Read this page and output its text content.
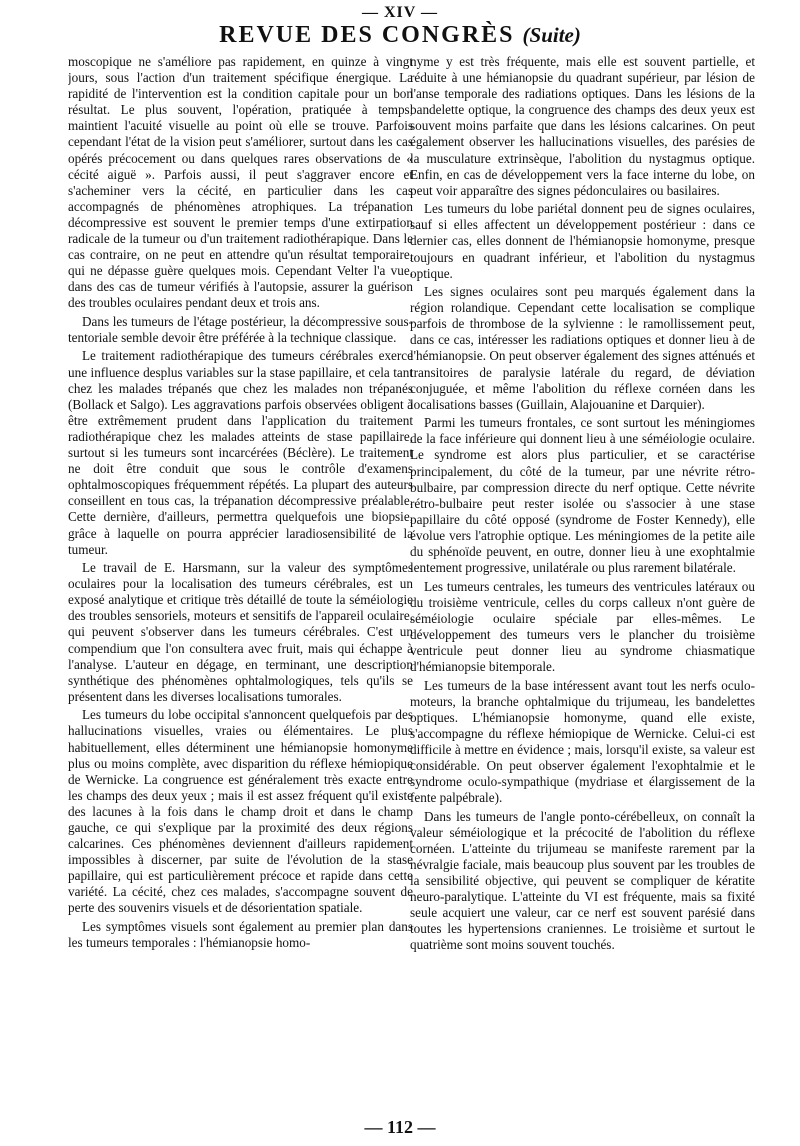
— XIV —
REVUE DES CONGRÈS (Suite)

moscopique ne s'améliore pas rapidement, en quinze à vingt jours, sous l'action d'un traitement spécifique énergique. La rapidité de l'intervention est la condition capitale pour un bon résultat. Le plus souvent, l'opération, pratiquée à temps, maintient l'acuité visuelle au point où elle se trouve. Parfois cependant l'état de la vision peut s'améliorer, surtout dans les cas opérés précocement ou dans quelques rares observations de « cécité aiguë ». Parfois aussi, il peut s'aggraver encore et s'acheminer vers la cécité, en particulier dans les cas accompagnés de phénomènes atrophiques. La trépanation décompressive est souvent le premier temps d'une extirpation radicale de la tumeur ou d'un traitement radiothérapique. Dans le cas contraire, on ne peut en attendre qu'un résultat temporaire, qui ne dépasse guère quelques mois. Cependant Velter l'a vue, dans des cas de tumeur vérifiés à l'autopsie, assurer la guérison des troubles oculaires pendant deux et trois ans.

Dans les tumeurs de l'étage postérieur, la décompressive sous-tentoriale semble devoir être préférée à la technique classique.

Le traitement radiothérapique des tumeurs cérébrales exerce une influence desplus variables sur la stase papillaire, et cela tant chez les malades trépanés que chez les malades non trépanés (Bollack et Salgo). Les aggravations parfois observées obligent à être extrêmement prudent dans l'application du traitement radiothérapique chez les malades atteints de stase papillaire, surtout si les tumeurs sont incarcérées (Béclère). Le traitement ne doit être conduit que sous le contrôle d'examens ophtalmoscopiques fréquemment répétés. La plupart des auteurs conseillent en tous cas, la trépanation décompressive préalable. Cette dernière, d'ailleurs, permettra quelquefois une biopsie, grâce à laquelle on pourra apprécier laradiosensibilité de la tumeur.

Le travail de E. Harsmann, sur la valeur des symptômes oculaires pour la localisation des tumeurs cérébrales, est un exposé analytique et critique très détaillé de toute la séméiologie des troubles sensoriels, moteurs et sensitifs de l'appareil oculaire, qui peuvent s'observer dans les tumeurs cérébrales. C'est un compendium que l'on consultera avec fruit, mais qui échappe à l'analyse. L'auteur en dégage, en terminant, une description synthétique des phénomènes ophtalmologiques, tels qu'ils se présentent dans les diverses localisations tumorales.

Les tumeurs du lobe occipital s'annoncent quelquefois par des hallucinations visuelles, vraies ou élémentaires. Le plus habituellement, elles déterminent une hémianopsie homonyme plus ou moins complète, avec disparition du réflexe hémiopique de Wernicke. La congruence est généralement très exacte entre les champs des deux yeux ; mais il est assez fréquent qu'il existe des lacunes à la fois dans le champ droit et dans le champ gauche, ce qui s'explique par la proximité des deux régions calcarines. Ces phénomènes deviennent d'ailleurs rapidement impossibles à discerner, par suite de l'évolution de la stase papillaire, qui est particulièrement précoce et rapide dans cette variété. La cécité, chez ces malades, s'accompagne souvent de perte des souvenirs visuels et de désorientation spatiale.

Les symptômes visuels sont également au premier plan dans les tumeurs temporales : l'hémianopsie homo-

nyme y est très fréquente, mais elle est souvent partielle, et réduite à une hémianopsie du quadrant supérieur, par lésion de l'anse temporale des radiations optiques. Dans les lésions de la bandelette optique, la congruence des champs des deux yeux est souvent moins parfaite que dans les lésions calcarines. On peut également observer les hallucinations visuelles, des parésies de la musculature extrinsèque, l'abolition du nystagmus optique. Enfin, en cas de développement vers la face interne du lobe, on peut voir apparaître des signes pédonculaires ou basilaires.

Les tumeurs du lobe pariétal donnent peu de signes oculaires, sauf si elles affectent un développement postérieur : dans ce dernier cas, elles donnent de l'hémianopsie homonyme, presque toujours en quadrant inférieur, et l'abolition du nystagmus optique.

Les signes oculaires sont peu marqués également dans la région rolandique. Cependant cette localisation se complique parfois de thrombose de la sylvienne : le ramollissement peut, dans ce cas, intéresser les radiations optiques et donner lieu à de l'hémianopsie. On peut observer également des signes atténués et transitoires de paralysie latérale du regard, de déviation conjuguée, et même l'abolition du réflexe cornéen dans les localisations basses (Guillain, Alajouanine et Darquier).

Parmi les tumeurs frontales, ce sont surtout les méningiomes de la face inférieure qui donnent lieu à une séméiologie oculaire. Le syndrome est alors plus particulier, et se caractérise principalement, du côté de la tumeur, par une névrite rétro-bulbaire, par compression directe du nerf optique. Cette névrite rétro-bulbaire peut rester isolée ou s'associer à une stase papillaire du côté opposé (syndrome de Foster Kennedy), elle évolue vers l'atrophie optique. Les méningiomes de la petite aile du sphénoïde peuvent, en outre, donner lieu à une exophtalmie lentement progressive, unilatérale ou plus rarement bilatérale.

Les tumeurs centrales, les tumeurs des ventricules latéraux ou du troisième ventricule, celles du corps calleux n'ont guère de séméiologie oculaire spéciale par elles-mêmes. Le développement des tumeurs vers le plancher du troisième ventricule peut donner lieu au syndrome chiasmatique d'hémianopsie bitemporale.

Les tumeurs de la base intéressent avant tout les nerfs oculo-moteurs, la branche ophtalmique du trijumeau, les bandelettes optiques. L'hémianopsie homonyme, quand elle existe, s'accompagne du réflexe hémiopique de Wernicke. Celui-ci est difficile à mettre en évidence ; mais, lorsqu'il existe, sa valeur est considérable. On peut observer également l'exophtalmie et le syndrome oculo-sympathique (mydriase et élargissement de la fente palpébrale).

Dans les tumeurs de l'angle ponto-cérébelleux, on connaît la valeur séméiologique et la précocité de l'abolition du réflexe cornéen. L'atteinte du trijumeau se manifeste rarement par la névralgie faciale, mais beaucoup plus souvent par les troubles de la sensibilité objective, qui peuvent se compliquer de kératite neuro-paralytique. L'atteinte du VI est fréquente, mais sa fixité seule acquiert une valeur, car ce nerf est souvent parésié dans toutes les hypertensions craniennes. Le troisième et surtout le quatrième sont moins souvent touchés.

— 112 —
